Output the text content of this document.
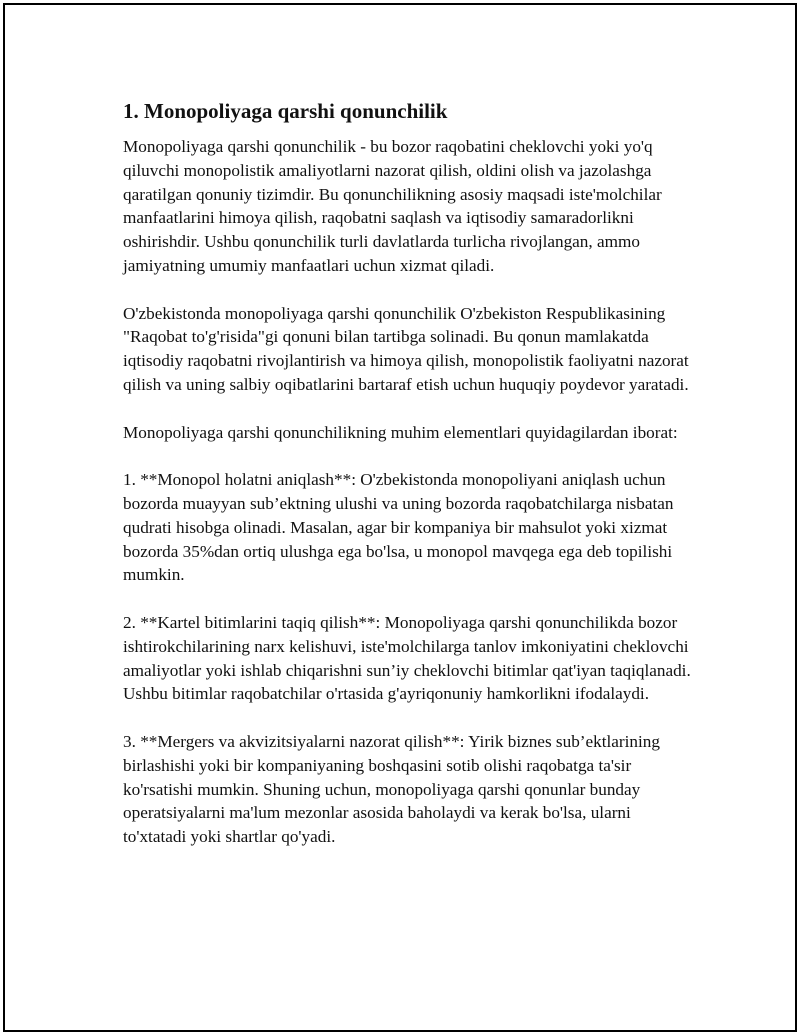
1. Monopoliyaga qarshi qonunchilik

Monopoliyaga qarshi qonunchilik - bu bozor raqobatini cheklovchi yoki yo'q qiluvchi monopolistik amaliyotlarni nazorat qilish, oldini olish va jazolashga qaratilgan qonuniy tizimdir. Bu qonunchilikning asosiy maqsadi iste'molchilar manfaatlarini himoya qilish, raqobatni saqlash va iqtisodiy samaradorlikni oshirishdir. Ushbu qonunchilik turli davlatlarda turlicha rivojlangan, ammo jamiyatning umumiy manfaatlari uchun xizmat qiladi.

O'zbekistonda monopoliyaga qarshi qonunchilik O'zbekiston Respublikasining "Raqobat to'g'risida"gi qonuni bilan tartibga solinadi. Bu qonun mamlakatda iqtisodiy raqobatni rivojlantirish va himoya qilish, monopolistik faoliyatni nazorat qilish va uning salbiy oqibatlarini bartaraf etish uchun huquqiy poydevor yaratadi.

Monopoliyaga qarshi qonunchilikning muhim elementlari quyidagilardan iborat:

1. **Monopol holatni aniqlash**: O'zbekistonda monopoliyani aniqlash uchun bozorda muayyan sub’ektning ulushi va uning bozorda raqobatchilarga nisbatan qudrati hisobga olinadi. Masalan, agar bir kompaniya bir mahsulot yoki xizmat bozorda 35%dan ortiq ulushga ega bo'lsa, u monopol mavqega ega deb topilishi mumkin.

2. **Kartel bitimlarini taqiq qilish**: Monopoliyaga qarshi qonunchilikda bozor ishtirokchilarining narx kelishuvi, iste'molchilarga tanlov imkoniyatini cheklovchi amaliyotlar yoki ishlab chiqarishni sun’iy cheklovchi bitimlar qat'iyan taqiqlanadi. Ushbu bitimlar raqobatchilar o'rtasida g'ayriqonuniy hamkorlikni ifodalaydi.

3. **Mergers va akvizitsiyalarni nazorat qilish**: Yirik biznes sub’ektlarining birlashishi yoki bir kompaniyaning boshqasini sotib olishi raqobatga ta'sir ko'rsatishi mumkin. Shuning uchun, monopoliyaga qarshi qonunlar bunday operatsiyalarni ma'lum mezonlar asosida baholaydi va kerak bo'lsa, ularni to'xtatadi yoki shartlar qo'yadi.
